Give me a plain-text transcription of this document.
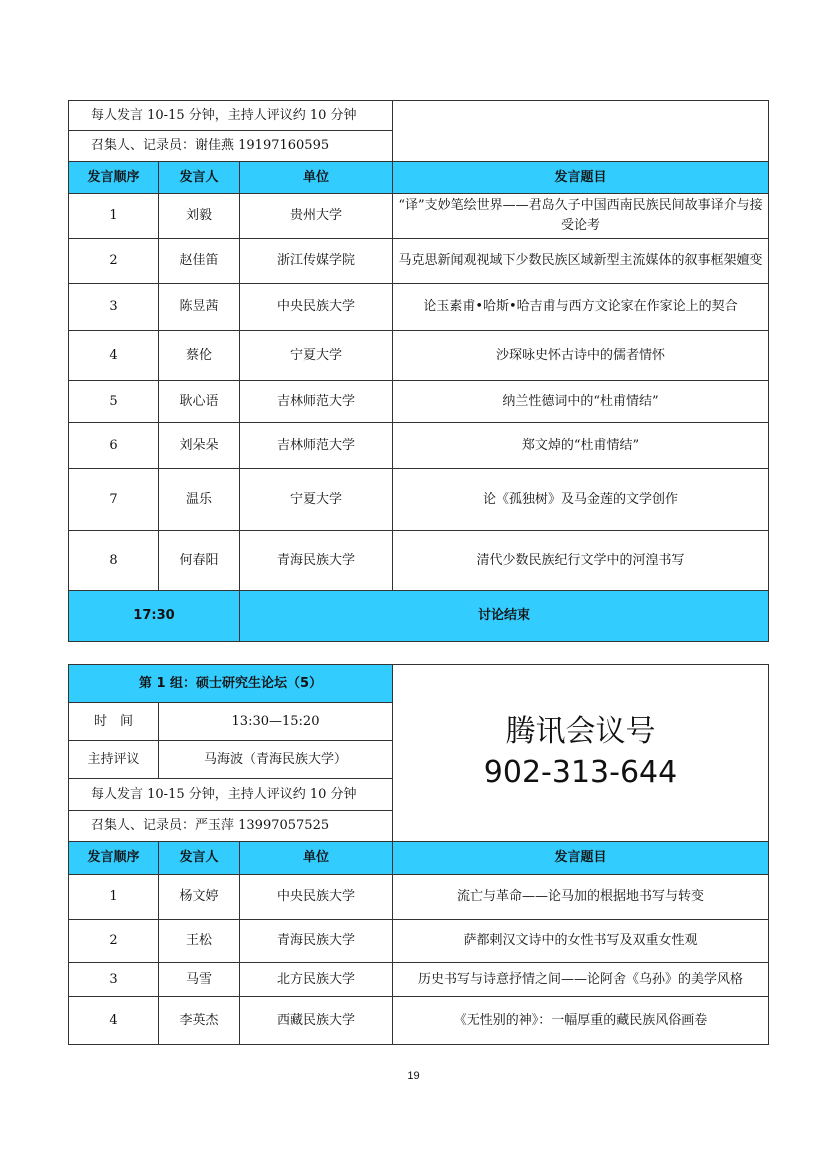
每人发言 10-15 分钟，主持人评议约 10 分钟			
召集人、记录员：谢佳燕 19197160595			
发言顺序	发言人	单位	发言题目
1	刘毅	贵州大学	“译”支妙笔绘世界——君岛久子中国西南民族民间故事译介与接受论考
2	赵佳笛	浙江传媒学院	马克思新闻观视域下少数民族区域新型主流媒体的叙事框架嬗变
3	陈昱茜	中央民族大学	论玉素甫•哈斯•哈吉甫与西方文论家在作家论上的契合
4	蔡伦	宁夏大学	沙琛咏史怀古诗中的儒者情怀
5	耿心语	吉林师范大学	纳兰性德词中的“杜甫情结”
6	刘朵朵	吉林师范大学	郑文焯的“杜甫情结”
7	温乐	宁夏大学	论《孤独树》及马金莲的文学创作
8	何春阳	青海民族大学	清代少数民族纪行文学中的河湟书写
17:30		讨论结束	
第 1 组：硕士研究生论坛（5）			腾讯会议号
902-313-644

时　间	13:30—15:20		
主持评议	马海波（青海民族大学）		
每人发言 10-15 分钟，主持人评议约 10 分钟			
召集人、记录员：严玉萍 13997057525			
发言顺序	发言人	单位	发言题目
1	杨文婷	中央民族大学	流亡与革命——论马加的根据地书写与转变
2	王松	青海民族大学	萨都剌汉文诗中的女性书写及双重女性观
3	马雪	北方民族大学	历史书写与诗意抒情之间——论阿舍《乌孙》的美学风格
4	李英杰	西藏民族大学	《无性别的神》：一幅厚重的藏民族风俗画卷
19
